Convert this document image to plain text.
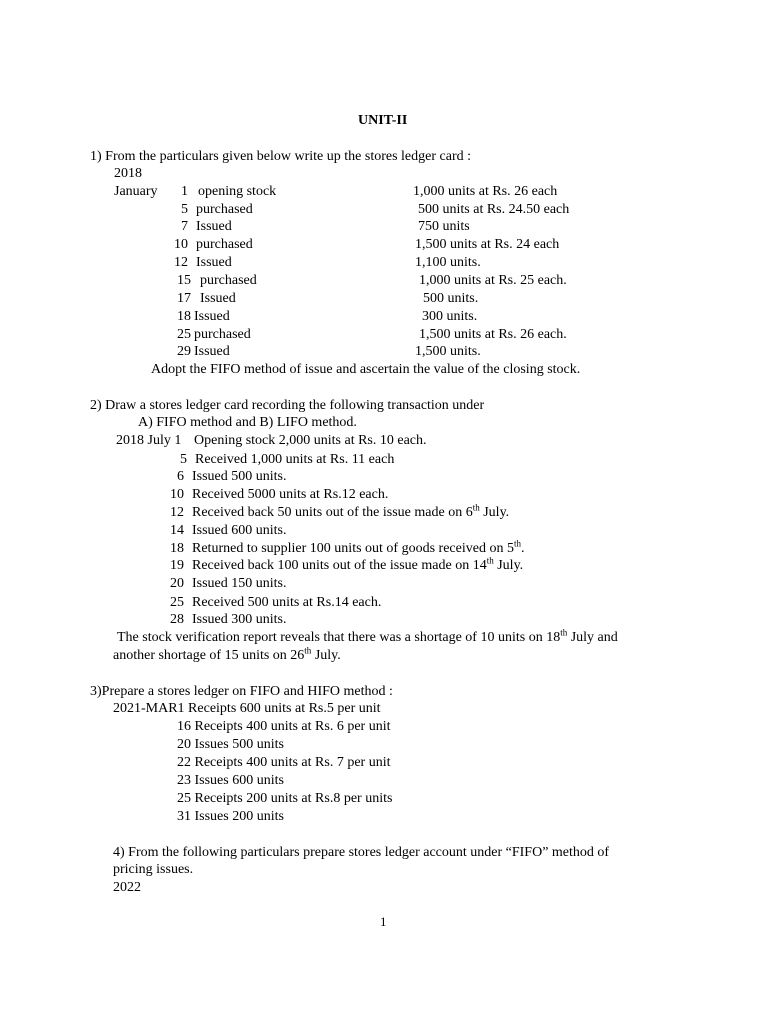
UNIT-II
1) From the particulars given below write up the stores ledger card :
2018
January 1 opening stock	1,000 units at Rs. 26 each
5 purchased	500 units at Rs. 24.50 each
7 Issued	750 units
10 purchased	1,500 units at Rs. 24 each
12 Issued	1,100 units.
15 purchased	1,000 units at Rs. 25 each.
17 Issued	500 units.
18 Issued	300 units.
25 purchased	1,500 units at Rs. 26 each.
29 Issued	1,500 units.
Adopt the FIFO method of issue and ascertain the value of the closing stock.
2) Draw a stores ledger card recording the following transaction under
A) FIFO method and B) LIFO method.
2018 July 1 Opening stock 2,000 units at Rs. 10 each.
5 Received 1,000 units at Rs. 11 each
6 Issued 500 units.
10 Received 5000 units at Rs.12 each.
12 Received back 50 units out of the issue made on 6th July.
14 Issued 600 units.
18 Returned to supplier 100 units out of goods received on 5th.
19 Received back 100 units out of the issue made on 14th July.
20 Issued 150 units.
25 Received 500 units at Rs.14 each.
28 Issued 300 units.
The stock verification report reveals that there was a shortage of 10 units on 18th July and
another shortage of 15 units on 26th July.
3)Prepare a stores ledger on FIFO and HIFO method :
2021-MAR1 Receipts 600 units at Rs.5 per unit
16 Receipts 400 units at Rs. 6 per unit
20 Issues 500 units
22 Receipts 400 units at Rs. 7 per unit
23 Issues 600 units
25 Receipts 200 units at Rs.8 per units
31 Issues 200 units
4) From the following particulars prepare stores ledger account under “FIFO” method of
pricing issues.
2022
1
